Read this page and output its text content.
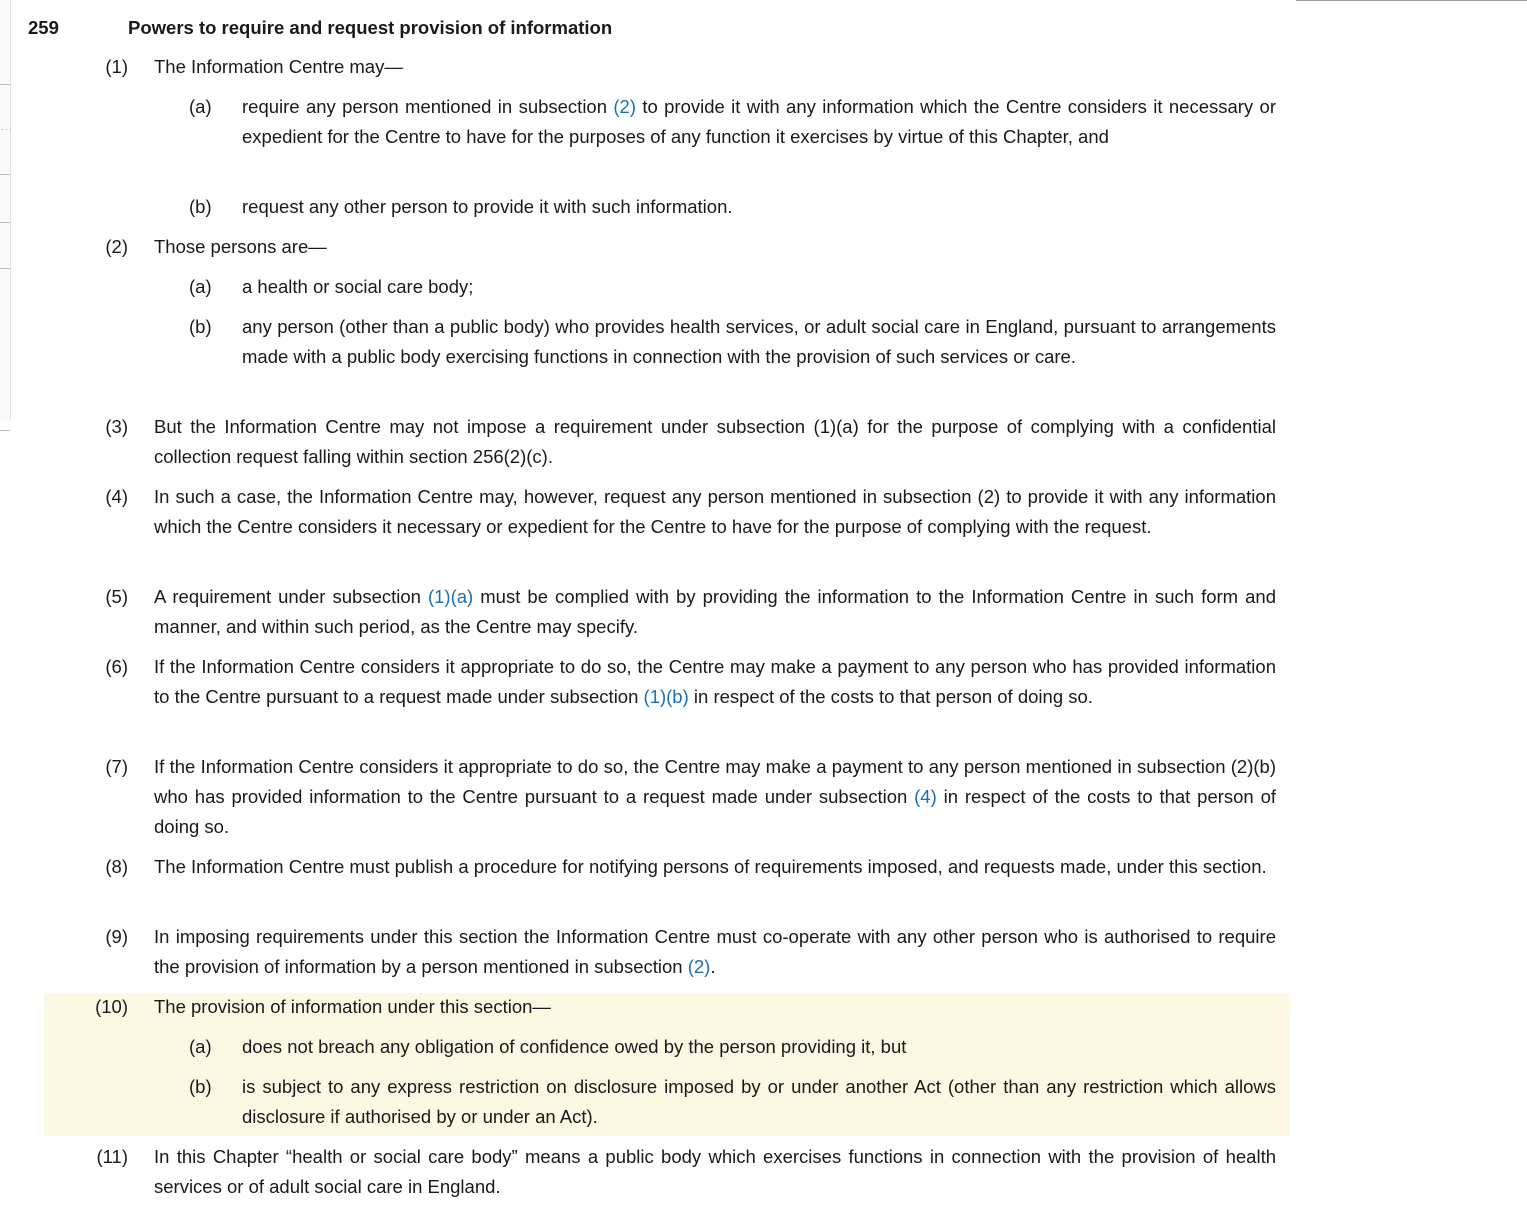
···
259	Powers to require and request provision of information
(1) The Information Centre may—
(a) require any person mentioned in subsection (2) to provide it with any information which the Centre considers it necessary or expedient for the Centre to have for the purposes of any function it exercises by virtue of this Chapter, and
(b) request any other person to provide it with such information.
(2) Those persons are—
(a) a health or social care body;
(b) any person (other than a public body) who provides health services, or adult social care in England, pursuant to arrangements made with a public body exercising functions in connection with the provision of such services or care.
(3) But the Information Centre may not impose a requirement under subsection (1)(a) for the purpose of complying with a confidential collection request falling within section 256(2)(c).
(4) In such a case, the Information Centre may, however, request any person mentioned in subsection (2) to provide it with any information which the Centre considers it necessary or expedient for the Centre to have for the purpose of complying with the request.
(5) A requirement under subsection (1)(a) must be complied with by providing the information to the Information Centre in such form and manner, and within such period, as the Centre may specify.
(6) If the Information Centre considers it appropriate to do so, the Centre may make a payment to any person who has provided information to the Centre pursuant to a request made under subsection (1)(b) in respect of the costs to that person of doing so.
(7) If the Information Centre considers it appropriate to do so, the Centre may make a payment to any person mentioned in subsection (2)(b) who has provided information to the Centre pursuant to a request made under subsection (4) in respect of the costs to that person of doing so.
(8) The Information Centre must publish a procedure for notifying persons of requirements imposed, and requests made, under this section.
(9) In imposing requirements under this section the Information Centre must co-operate with any other person who is authorised to require the provision of information by a person mentioned in subsection (2).
(10) The provision of information under this section—
(a) does not breach any obligation of confidence owed by the person providing it, but
(b) is subject to any express restriction on disclosure imposed by or under another Act (other than any restriction which allows disclosure if authorised by or under an Act).
(11) In this Chapter “health or social care body” means a public body which exercises functions in connection with the provision of health services or of adult social care in England.
